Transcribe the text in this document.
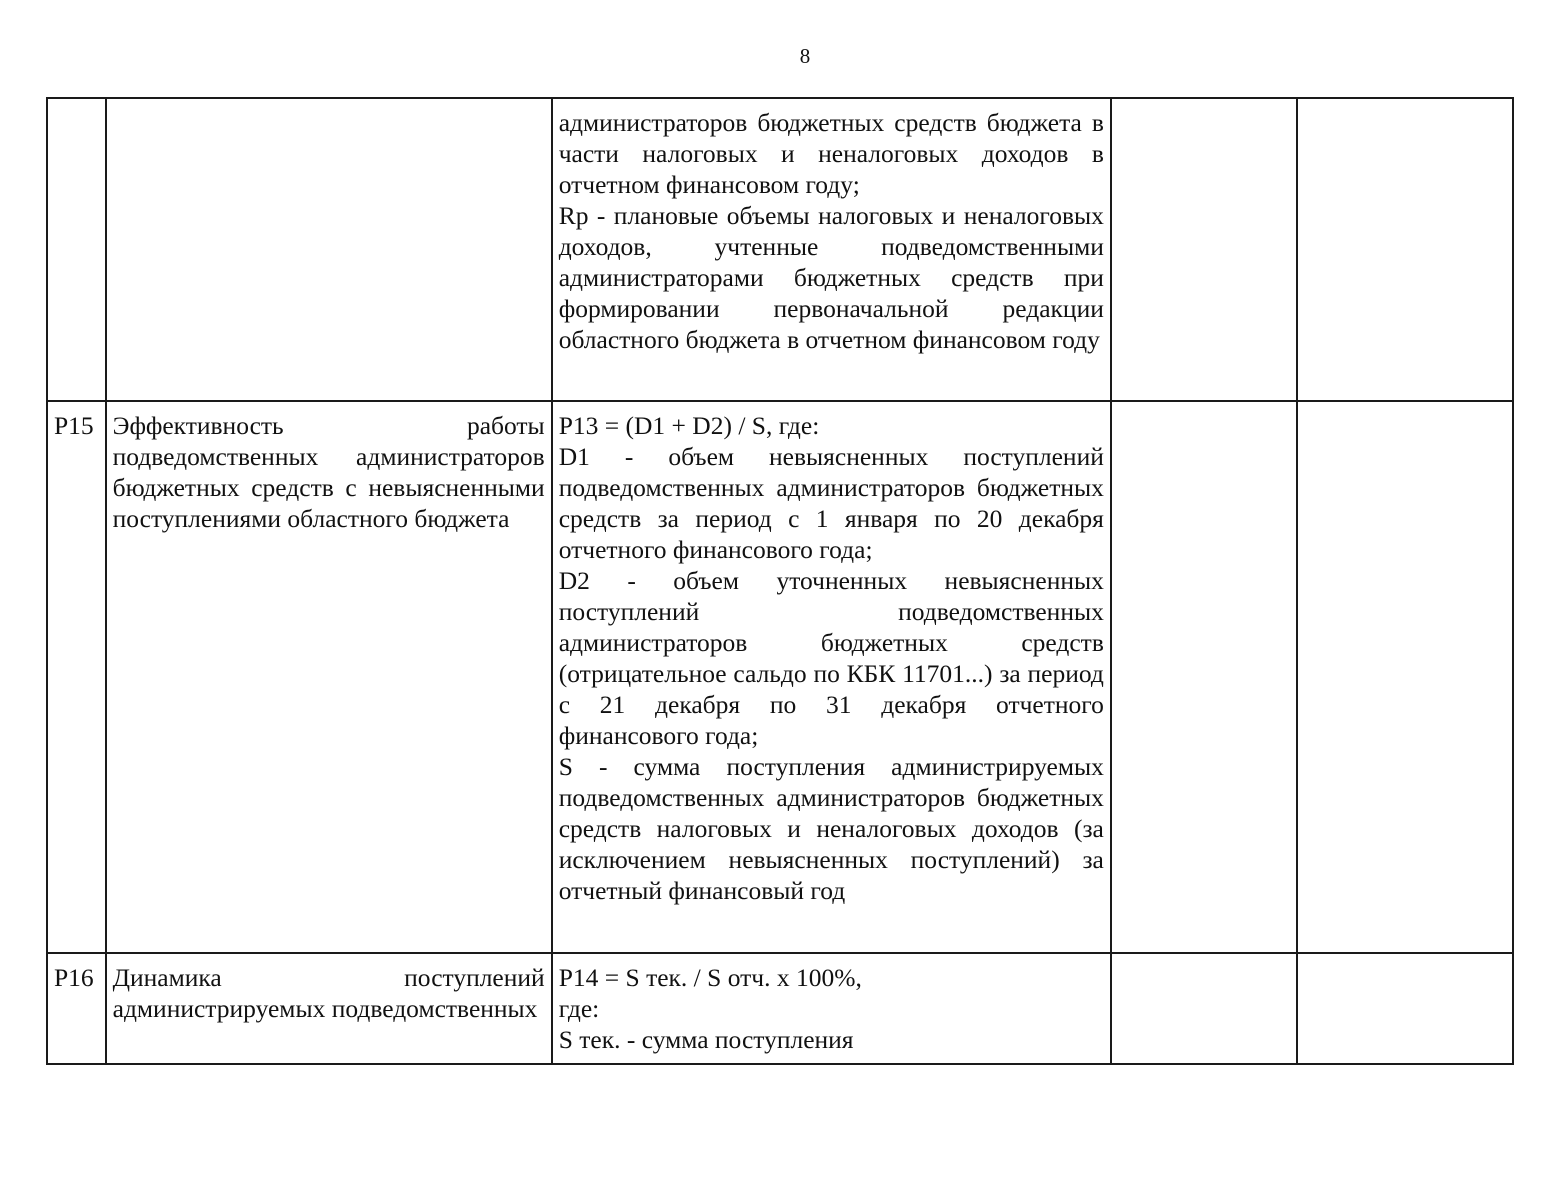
8

		администраторов бюджетных средств бюджета в части налоговых и неналоговых доходов в отчетном финансовом году;

Rp - плановые объемы налоговых и неналоговых доходов, учтенные подведомственными администраторами бюджетных средств при формировании первоначальной редакции областного бюджета в отчетном финансовом году		

P15	Эффективность работы подведомственных администраторов бюджетных средств с невыясненными поступлениями областного бюджета	P13 = (D1 + D2) / S, где:

D1 - объем невыясненных поступлений подведомственных администраторов бюджетных средств за период с 1 января по 20 декабря отчетного финансового года;

D2 - объем уточненных невыясненных поступлений подведомственных администраторов бюджетных средств (отрицательное сальдо по КБК 11701...) за период с 21 декабря по 31 декабря отчетного финансового года;

S - сумма поступления администрируемых подведомственных администраторов бюджетных средств налоговых и неналоговых доходов (за исключением невыясненных поступлений) за отчетный финансовый год		

P16	Динамика поступлений администрируемых подведомственных	P14 = S тек. / S отч. x 100%,

где:

S тек. - сумма поступления		
